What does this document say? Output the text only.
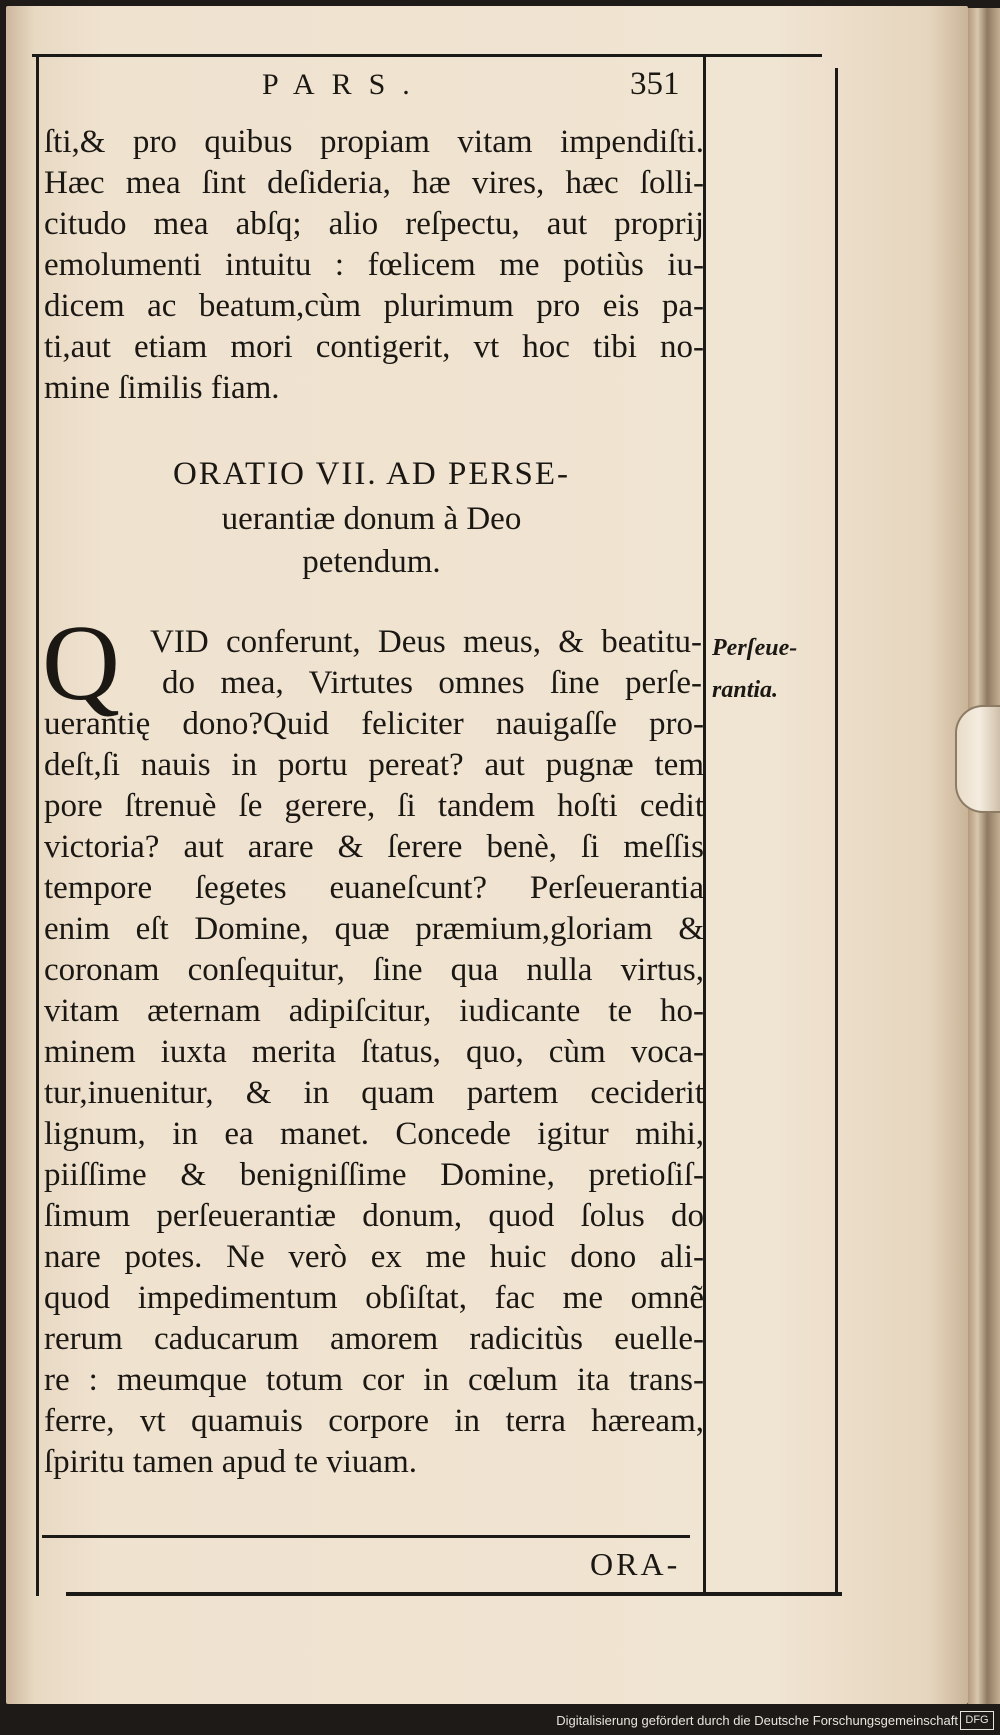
PARS.	351
ſti,& pro quibus propiam vitam impendiſti.
Hæc mea ſint deſideria, hæ vires, hæc ſolli-
citudo mea abſq; alio reſpectu, aut proprij
emolumenti intuitu : fœlicem me potiùs iu-
dicem ac beatum,cùm plurimum pro eis pa-
ti,aut etiam mori contigerit, vt hoc tibi no-
mine ſimilis fiam.
ORATIO VII. AD PERSE-
uerantiæ donum à Deo
petendum.
Q VID conferunt, Deus meus, & beatitu-
do mea, Virtutes omnes ſine perſe-
uerantię dono?Quid feliciter nauigaſſe pro-
deſt,ſi nauis in portu pereat? aut pugnæ tem
pore ſtrenuè ſe gerere, ſi tandem hoſti cedit
victoria? aut arare & ſerere benè, ſi meſſis
tempore ſegetes euaneſcunt? Perſeuerantia
enim eſt Domine, quæ præmium,gloriam &
coronam conſequitur, ſine qua nulla virtus,
vitam æternam adipiſcitur, iudicante te ho-
minem iuxta merita ſtatus, quo, cùm voca-
tur,inuenitur, & in quam partem ceciderit
lignum, in ea manet. Concede igitur mihi,
piiſſime & benigniſſime Domine, pretioſiſ-
ſimum perſeuerantiæ donum, quod ſolus do
nare potes. Ne verò ex me huic dono ali-
quod impedimentum obſiſtat, fac me omnẽ
rerum caducarum amorem radicitùs euelle-
re : meumque totum cor in cœlum ita trans-
ferre, vt quamuis corpore in terra hæream,
ſpiritu tamen apud te viuam.
Perſeue-
rantia.
ORA-
Digitalisierung gefördert durch die Deutsche Forschungsgemeinschaft DFG
